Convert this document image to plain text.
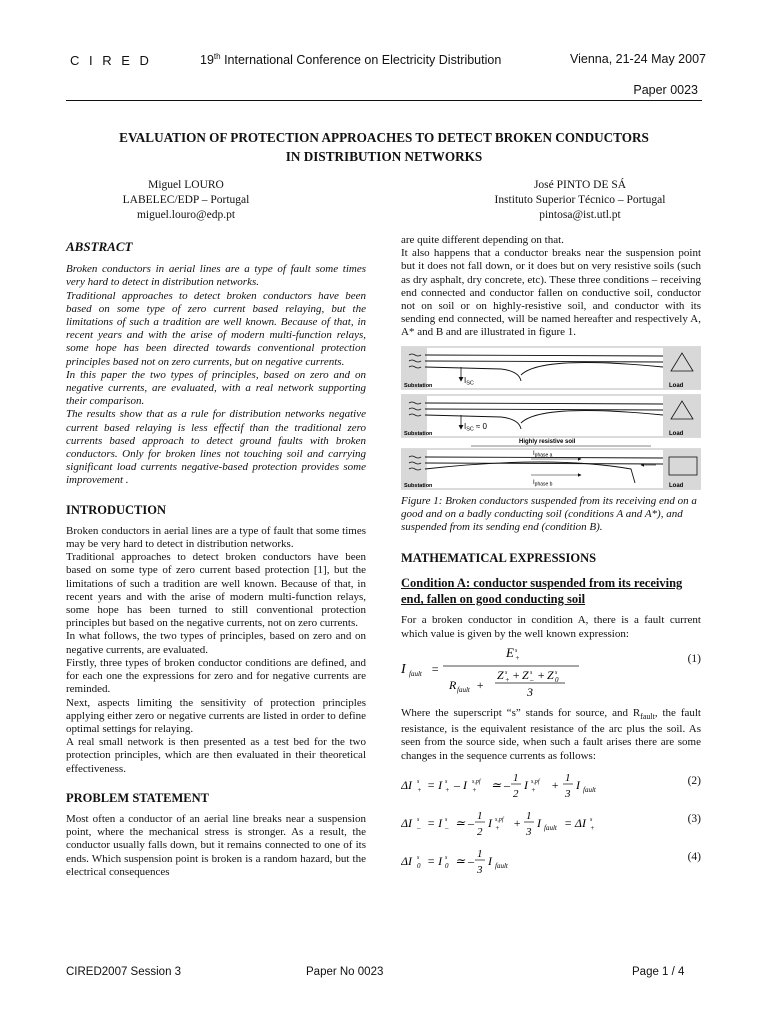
C I R E D	19th International Conference on Electricity Distribution	Vienna, 21-24 May 2007
Paper 0023
EVALUATION OF PROTECTION APPROACHES TO DETECT BROKEN CONDUCTORS
IN DISTRIBUTION NETWORKS
Miguel LOURO
LABELEC/EDP – Portugal
miguel.louro@edp.pt
José PINTO DE SÁ
Instituto Superior Técnico – Portugal
pintosa@ist.utl.pt
ABSTRACT

Broken conductors in aerial lines are a type of fault some times very hard to detect in distribution networks.

Traditional approaches to detect broken conductors have been based on some type of zero current based relaying, but the limitations of such a tradition are well known. Because of that, in recent years and with the arise of modern multi-function relays, some hope has been directed towards conventional protection principles based not on zero currents, but on negative currents.

In this paper the two types of principles, based on zero and on negative currents, are evaluated, with a real network supporting their comparison.

The results show that as a rule for distribution networks negative current based relaying is less effectif than the traditional zero currents based approach to detect ground faults with broken conductors. Only for broken lines not touching soil and carrying significant load currents negative-based protection provides some improvement .

INTRODUCTION

Broken conductors in aerial lines are a type of fault that some times may be very hard to detect in distribution networks.

Traditional approaches to detect broken conductors have been based on some type of zero current based protection [1], but the limitations of such a tradition are well known. Because of that, in recent years and with the arise of modern multi-function relays, some hope has been turned to still conventional protection principles but based on the negative currents, not on zero currents.

In what follows, the two types of principles, based on zero and on negative currents, are evaluated.

Firstly, three types of broken conductor conditions are defined, and for each one the expressions for zero and for negative currents are reminded.

Next, aspects limiting the sensitivity of protection principles applying either zero or negative currents are listed in order to define optimal settings for relaying.

A real small network is then presented as a test bed for the two protection principles, which are then evaluated in their theoretical effectiveness.

PROBLEM STATEMENT

Most often a conductor of an aerial line breaks near a suspension point, where the mechanical stress is stronger. As a result, the conductor usually falls down, but it remains connected to one of its ends. Which suspension point is broken is a random hazard, but the electrical consequences

are quite different depending on that.

It also happens that a conductor breaks near the suspension point but it does not fall down, or it does but on very resistive soils (such as dry asphalt, dry concrete, etc). These three conditions – receiving end connected and conductor fallen on conductive soil, conductor not on soil or on highly-resistive soil, and conductor with its sending end connected, will be named hereafter and respectively A, A* and B and are illustrated in figure 1.

ISC
Substation	Load
ISC ≈ 0
Substation	Load
Highly resistive soil
$I_{phase a}$
$I_{phase b}$
Substation	Load
Figure 1: Broken conductors suspended from its receiving end on a good and on a badly conducting soil (conditions A and A*), and suspended from its sending end (condition B).
MATHEMATICAL EXPRESSIONS
Condition A: conductor suspended from its receiving end, fallen on good conducting soil

For a broken conductor in condition A, there is a fault current which value is given by the well known expression:

I fault =
E s
+
R fault +
Z s
+ + Z s
– + Z s
0
3
(1)

Where the superscript “s” stands for source, and $R_{fault}$, the fault resistance, is the equivalent resistance of the arc plus the soil. As seen from the source side, when such a fault arises there are some changes in the sequence currents as follows:

ΔI s
+ = I s
+ – I s,pf
+ ≃ – 1
2
I s,pf
+ + 1
3
I fault
(2)
ΔI s
– = I s
– ≃ – 1
2
I s,pf
+ + 1
3
I fault = ΔI s
+
(3)
ΔI s
0 = I s
0 ≃ – 1
3
I fault
(4)
CIRED2007 Session 3	Paper No 0023	Page 1 / 4
